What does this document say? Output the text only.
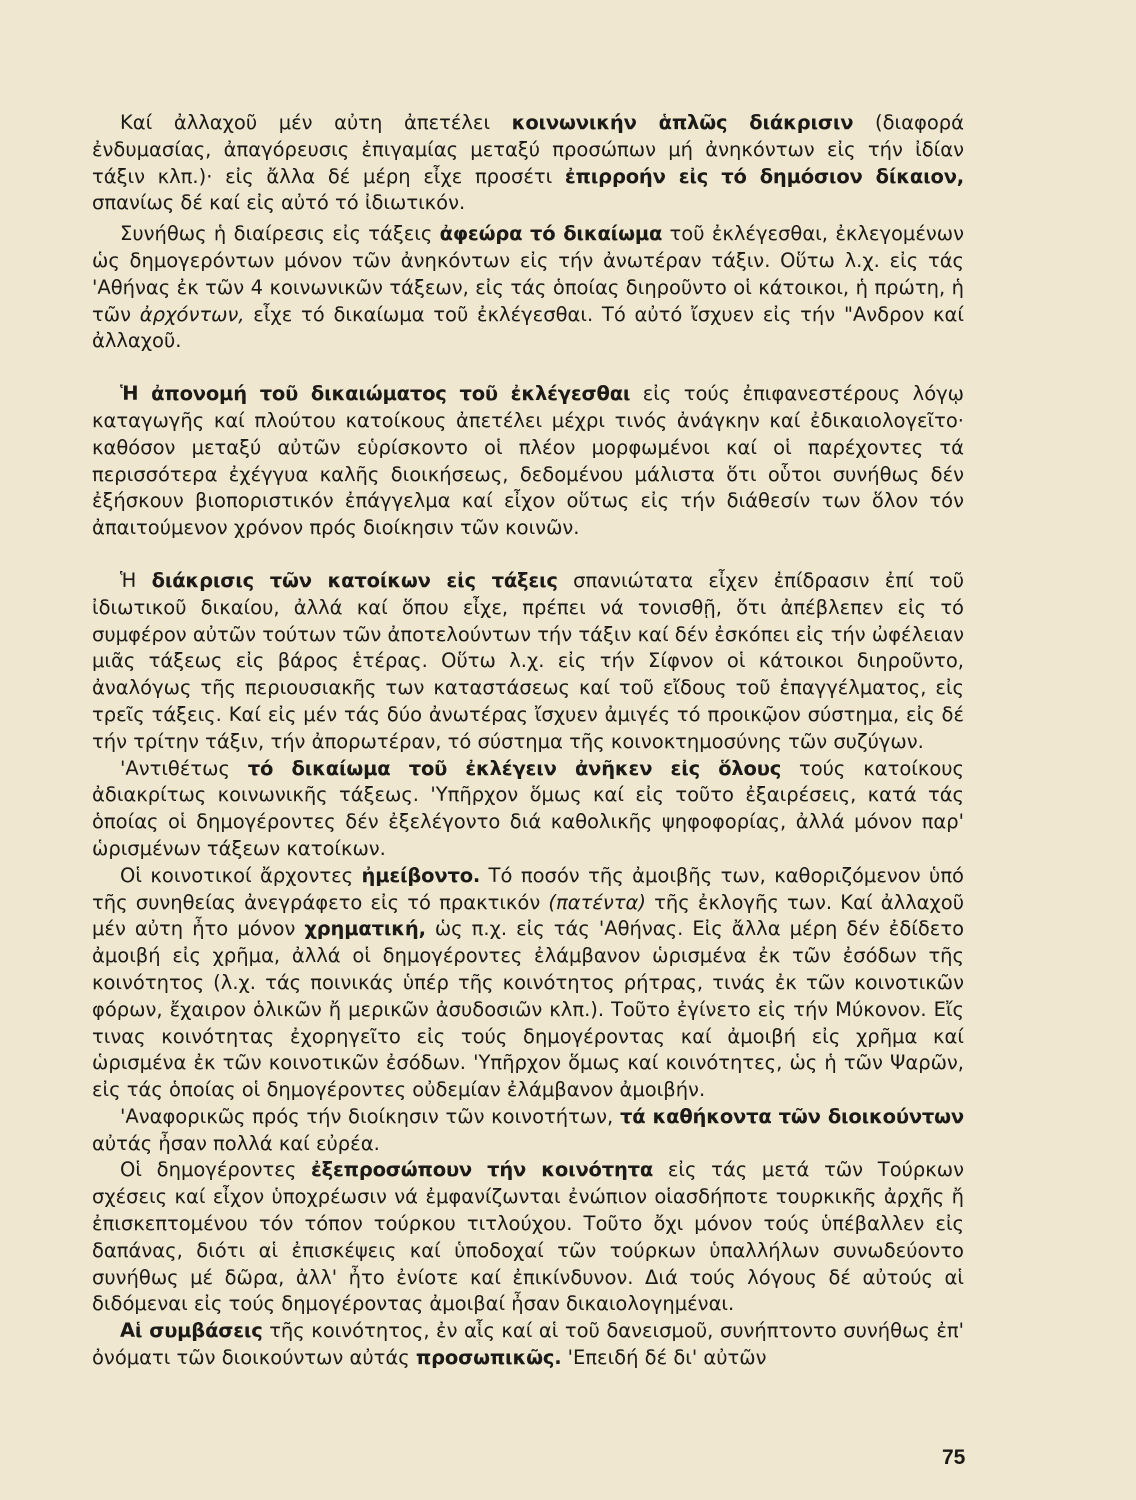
Καί ἀλλαχοῦ μέν αὐτη ἀπετέλει κοινωνικήν ἁπλῶς διάκρισιν (διαφορά ἐνδυμασίας, ἀπαγόρευσις ἐπιγαμίας μεταξύ προσώπων μή ἀνηκόντων εἰς τήν ἰδίαν τάξιν κλπ.)· εἰς ἄλλα δέ μέρη εἶχε προσέτι ἐπιρροήν εἰς τό δημόσιον δίκαιον, σπανίως δέ καί εἰς αὐτό τό ἰδιωτικόν.

Συνήθως ἡ διαίρεσις εἰς τάξεις ἀφεώρα τό δικαίωμα τοῦ ἐκλέγεσθαι, ἐκλεγομένων ὡς δημογερόντων μόνον τῶν ἀνηκόντων εἰς τήν ἀνωτέραν τάξιν. Οὕτω λ.χ. εἰς τάς 'Αθήνας ἐκ τῶν 4 κοινωνικῶν τάξεων, εἰς τάς ὁποίας διηροῦντο οἱ κάτοικοι, ἡ πρώτη, ἡ τῶν ἀρχόντων, εἶχε τό δικαίωμα τοῦ ἐκλέγεσθαι. Τό αὐτό ἴσχυεν εἰς τήν "Ανδρον καί ἀλλαχοῦ.

Ἡ ἀπονομή τοῦ δικαιώματος τοῦ ἐκλέγεσθαι εἰς τούς ἐπιφανεστέρους λόγῳ καταγωγῆς καί πλούτου κατοίκους ἀπετέλει μέχρι τινός ἀνάγκην καί ἐδικαιολογεῖτο· καθόσον μεταξύ αὐτῶν εὑρίσκοντο οἱ πλέον μορφωμένοι καί οἱ παρέχοντες τά περισσότερα ἐχέγγυα καλῆς διοικήσεως, δεδομένου μάλιστα ὅτι οὗτοι συνήθως δέν ἐξήσκουν βιοποριστικόν ἐπάγγελμα καί εἶχον οὕτως εἰς τήν διάθεσίν των ὅλον τόν ἀπαιτούμενον χρόνον πρός διοίκησιν τῶν κοινῶν.

Ἡ διάκρισις τῶν κατοίκων εἰς τάξεις σπανιώτατα εἶχεν ἐπίδρασιν ἐπί τοῦ ἰδιωτικοῦ δικαίου, ἀλλά καί ὅπου εἶχε, πρέπει νά τονισθῇ, ὅτι ἀπέβλεπεν εἰς τό συμφέρον αὐτῶν τούτων τῶν ἀποτελούντων τήν τάξιν καί δέν ἐσκόπει εἰς τήν ὠφέλειαν μιᾶς τάξεως εἰς βάρος ἑτέρας. Οὕτω λ.χ. εἰς τήν Σίφνον οἱ κάτοικοι διηροῦντο, ἀναλόγως τῆς περιουσιακῆς των καταστάσεως καί τοῦ εἴδους τοῦ ἐπαγγέλματος, εἰς τρεῖς τάξεις. Καί εἰς μέν τάς δύο ἀνωτέρας ἴσχυεν ἀμιγές τό προικῷον σύστημα, εἰς δέ τήν τρίτην τάξιν, τήν ἀπορωτέραν, τό σύστημα τῆς κοινοκτημοσύνης τῶν συζύγων.

'Αντιθέτως τό δικαίωμα τοῦ ἐκλέγειν ἀνῆκεν εἰς ὅλους τούς κατοίκους ἀδιακρίτως κοινωνικῆς τάξεως. 'Υπῆρχον ὅμως καί εἰς τοῦτο ἐξαιρέσεις, κατά τάς ὁποίας οἱ δημογέροντες δέν ἐξελέγοντο διά καθολικῆς ψηφοφορίας, ἀλλά μόνον παρ' ὡρισμένων τάξεων κατοίκων.

Οἱ κοινοτικοί ἄρχοντες ἠμείβοντο. Τό ποσόν τῆς ἀμοιβῆς των, καθοριζόμενον ὑπό τῆς συνηθείας ἀνεγράφετο εἰς τό πρακτικόν (πατέντα) τῆς ἐκλογῆς των. Καί ἀλλαχοῦ μέν αὐτη ἦτο μόνον χρηματική, ὡς π.χ. εἰς τάς 'Αθήνας. Εἰς ἄλλα μέρη δέν ἐδίδετο ἀμοιβή εἰς χρῆμα, ἀλλά οἱ δημογέροντες ἐλάμβανον ὡρισμένα ἐκ τῶν ἐσόδων τῆς κοινότητος (λ.χ. τάς ποινικάς ὑπέρ τῆς κοινότητος ρήτρας, τινάς ἐκ τῶν κοινοτικῶν φόρων, ἔχαιρον ὁλικῶν ἤ μερικῶν ἀσυδοσιῶν κλπ.). Τοῦτο ἐγίνετο εἰς τήν Μύκονον. Εἴς τινας κοινότητας ἐχορηγεῖτο εἰς τούς δημογέροντας καί ἀμοιβή εἰς χρῆμα καί ὡρισμένα ἐκ τῶν κοινοτικῶν ἐσόδων. 'Υπῆρχον ὅμως καί κοινότητες, ὡς ἡ τῶν Ψαρῶν, εἰς τάς ὁποίας οἱ δημογέροντες οὐδεμίαν ἐλάμβανον ἀμοιβήν.

'Αναφορικῶς πρός τήν διοίκησιν τῶν κοινοτήτων, τά καθήκοντα τῶν διοικούντων αὐτάς ἦσαν πολλά καί εὐρέα.

Οἱ δημογέροντες ἐξεπροσώπουν τήν κοινότητα εἰς τάς μετά τῶν Τούρκων σχέσεις καί εἶχον ὑποχρέωσιν νά ἐμφανίζωνται ἐνώπιον οἱασδήποτε τουρκικῆς ἀρχῆς ἤ ἐπισκεπτομένου τόν τόπον τούρκου τιτλούχου. Τοῦτο ὄχι μόνον τούς ὑπέβαλλεν εἰς δαπάνας, διότι αἱ ἐπισκέψεις καί ὑποδοχαί τῶν τούρκων ὑπαλλήλων συνωδεύοντο συνήθως μέ δῶρα, ἀλλ' ἦτο ἐνίοτε καί ἐπικίνδυνον. Διά τούς λόγους δέ αὐτούς αἱ διδόμεναι εἰς τούς δημογέροντας ἀμοιβαί ἦσαν δικαιολογημέναι.

Αἱ συμβάσεις τῆς κοινότητος, ἐν αἷς καί αἱ τοῦ δανεισμοῦ, συνήπτοντο συνήθως ἐπ' ὀνόματι τῶν διοικούντων αὐτάς προσωπικῶς. 'Επειδή δέ δι' αὐτῶν

75
